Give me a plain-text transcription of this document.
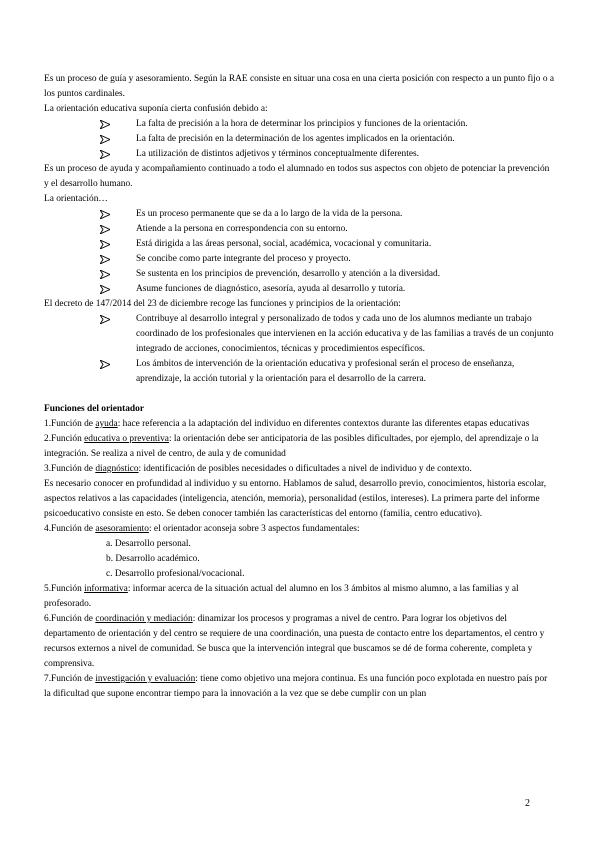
Es un proceso de guía y asesoramiento. Según la RAE consiste en situar una cosa en una cierta posición con respecto a un punto fijo o a los puntos cardinales.

La orientación educativa suponía cierta confusión debido a:

La falta de precisión a la hora de determinar los principios y funciones de la orientación.
La falta de precisión en la determinación de los agentes implicados en la orientación.
La utilización de distintos adjetivos y términos conceptualmente diferentes.

Es un proceso de ayuda y acompañamiento continuado a todo el alumnado en todos sus aspectos con objeto de potenciar la prevención y el desarrollo humano.

La orientación…

Es un proceso permanente que se da a lo largo de la vida de la persona.
Atiende a la persona en correspondencia con su entorno.
Está dirigida a las áreas personal, social, académica, vocacional y comunitaria.
Se concibe como parte integrante del proceso y proyecto.
Se sustenta en los principios de prevención, desarrollo y atención a la diversidad.
Asume funciones de diagnóstico, asesoría, ayuda al desarrollo y tutoría.

El decreto de 147/2014 del 23 de diciembre recoge las funciones y principios de la orientación:

Contribuye al desarrollo integral y personalizado de todos y cada uno de los alumnos mediante un trabajo coordinado de los profesionales que intervienen en la acción educativa y de las familias a través de un conjunto integrado de acciones, conocimientos, técnicas y procedimientos específicos.
Los ámbitos de intervención de la orientación educativa y profesional serán el proceso de enseñanza, aprendizaje, la acción tutorial y la orientación para el desarrollo de la carrera.

Funciones del orientador

1.Función de ayuda: hace referencia a la adaptación del individuo en diferentes contextos durante las diferentes etapas educativas

2.Función educativa o preventiva: la orientación debe ser anticipatoria de las posibles dificultades, por ejemplo, del aprendizaje o la integración. Se realiza a nivel de centro, de aula y de comunidad

3.Función de diagnóstico: identificación de posibles necesidades o dificultades a nivel de individuo y de contexto.

Es necesario conocer en profundidad al individuo y su entorno. Hablamos de salud, desarrollo previo, conocimientos, historia escolar, aspectos relativos a las capacidades (inteligencia, atención, memoria), personalidad (estilos, intereses). La primera parte del informe psicoeducativo consiste en esto. Se deben conocer también las características del entorno (familia, centro educativo).

4.Función de asesoramiento: el orientador aconseja sobre 3 aspectos fundamentales:

a. Desarrollo personal.

b. Desarrollo académico.

c. Desarrollo profesional/vocacional.

5.Función informativa: informar acerca de la situación actual del alumno en los 3 ámbitos al mismo alumno, a las familias y al profesorado.

6.Función de coordinación y mediación: dinamizar los procesos y programas a nivel de centro. Para lograr los objetivos del departamento de orientación y del centro se requiere de una coordinación, una puesta de contacto entre los departamentos, el centro y recursos externos a nivel de comunidad. Se busca que la intervención integral que buscamos se dé de forma coherente, completa y comprensiva.

7.Función de investigación y evaluación: tiene como objetivo una mejora continua. Es una función poco explotada en nuestro país por la dificultad que supone encontrar tiempo para la innovación a la vez que se debe cumplir con un plan

2
